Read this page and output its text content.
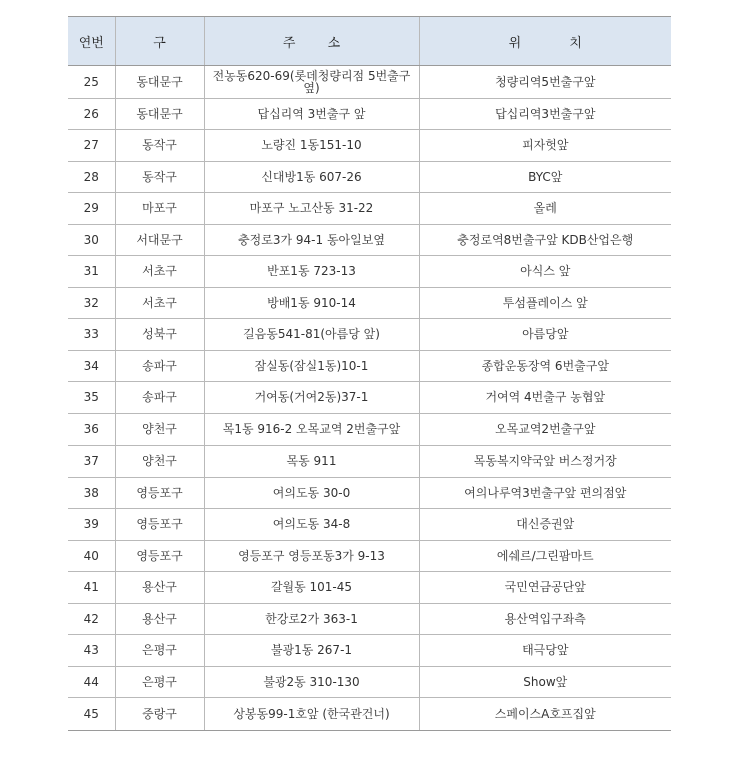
연번	구	주 소	위 치
25	동대문구	전농동620-69(롯데청량리점 5번출구옆)	청량리역5번출구앞
26	동대문구	답십리역 3번출구 앞	답십리역3번출구앞
27	동작구	노량진 1동151-10	피자헛앞
28	동작구	신대방1동 607-26	BYC앞
29	마포구	마포구 노고산동 31-22	올레
30	서대문구	충정로3가 94-1 동아일보옆	충정로역8번출구앞 KDB산업은행
31	서초구	반포1동 723-13	아식스 앞
32	서초구	방배1동 910-14	투섬플레이스 앞
33	성북구	길음동541-81(아름당 앞)	아름당앞
34	송파구	잠실동(잠실1동)10-1	종합운동장역 6번출구앞
35	송파구	거여동(거여2동)37-1	거여역 4번출구 농협앞
36	양천구	목1동 916-2 오목교역 2번출구앞	오목교역2번출구앞
37	양천구	목동 911	목동복지약국앞 버스정거장
38	영등포구	여의도동 30-0	여의나루역3번출구앞 편의점앞
39	영등포구	여의도동 34-8	대신증권앞
40	영등포구	영등포구 영등포동3가 9-13	에쉐르/그린팜마트
41	용산구	갈월동 101-45	국민연금공단앞
42	용산구	한강로2가 363-1	용산역입구좌측
43	은평구	불광1동 267-1	태극당앞
44	은평구	불광2동 310-130	Show앞
45	중랑구	상봉동99-1호앞 (한국관건너)	스페이스A호프집앞
